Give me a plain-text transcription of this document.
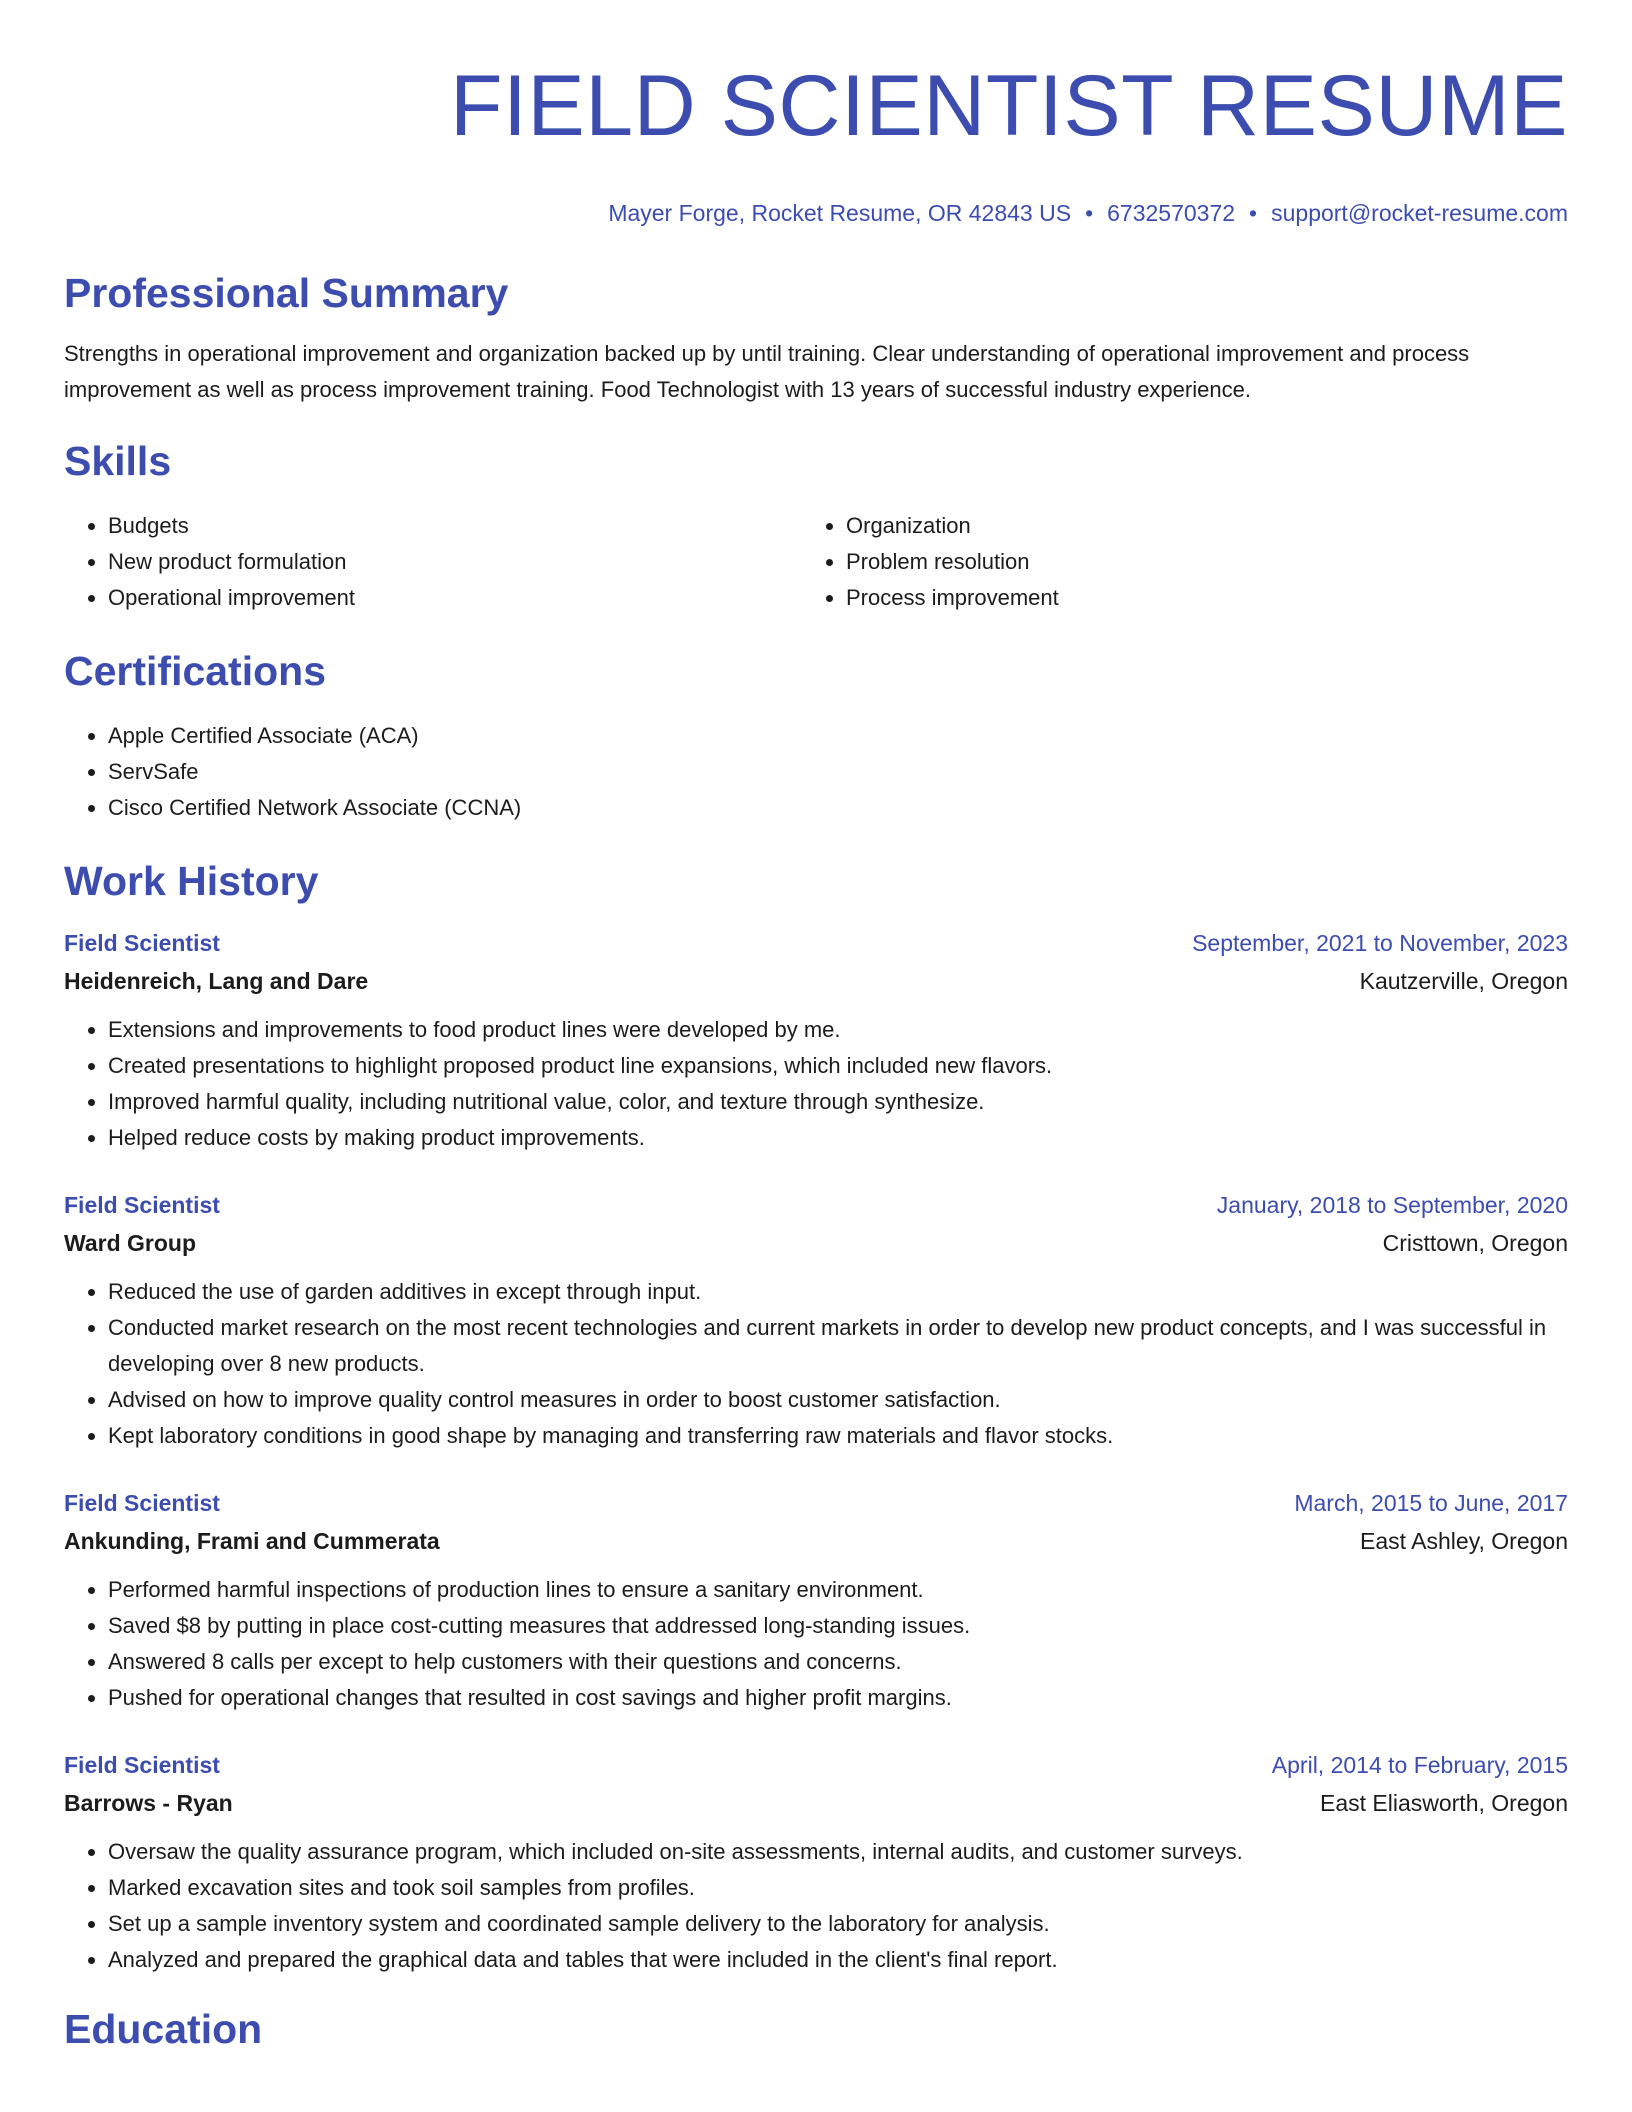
FIELD SCIENTIST RESUME
Mayer Forge, Rocket Resume, OR 42843 US • 6732570372 • support@rocket-resume.com
Professional Summary
Strengths in operational improvement and organization backed up by until training. Clear understanding of operational improvement and process improvement as well as process improvement training. Food Technologist with 13 years of successful industry experience.
Skills
• Budgets
• New product formulation
• Operational improvement
• Organization
• Problem resolution
• Process improvement
Certifications
• Apple Certified Associate (ACA)
• ServSafe
• Cisco Certified Network Associate (CCNA)
Work History
Field Scientist	September, 2021 to November, 2023
Heidenreich, Lang and Dare	Kautzerville, Oregon
• Extensions and improvements to food product lines were developed by me.
• Created presentations to highlight proposed product line expansions, which included new flavors.
• Improved harmful quality, including nutritional value, color, and texture through synthesize.
• Helped reduce costs by making product improvements.
Field Scientist	January, 2018 to September, 2020
Ward Group	Cristtown, Oregon
• Reduced the use of garden additives in except through input.
• Conducted market research on the most recent technologies and current markets in order to develop new product concepts, and I was successful in developing over 8 new products.
• Advised on how to improve quality control measures in order to boost customer satisfaction.
• Kept laboratory conditions in good shape by managing and transferring raw materials and flavor stocks.
Field Scientist	March, 2015 to June, 2017
Ankunding, Frami and Cummerata	East Ashley, Oregon
• Performed harmful inspections of production lines to ensure a sanitary environment.
• Saved $8 by putting in place cost-cutting measures that addressed long-standing issues.
• Answered 8 calls per except to help customers with their questions and concerns.
• Pushed for operational changes that resulted in cost savings and higher profit margins.
Field Scientist	April, 2014 to February, 2015
Barrows - Ryan	East Eliasworth, Oregon
• Oversaw the quality assurance program, which included on-site assessments, internal audits, and customer surveys.
• Marked excavation sites and took soil samples from profiles.
• Set up a sample inventory system and coordinated sample delivery to the laboratory for analysis.
• Analyzed and prepared the graphical data and tables that were included in the client's final report.
Education
